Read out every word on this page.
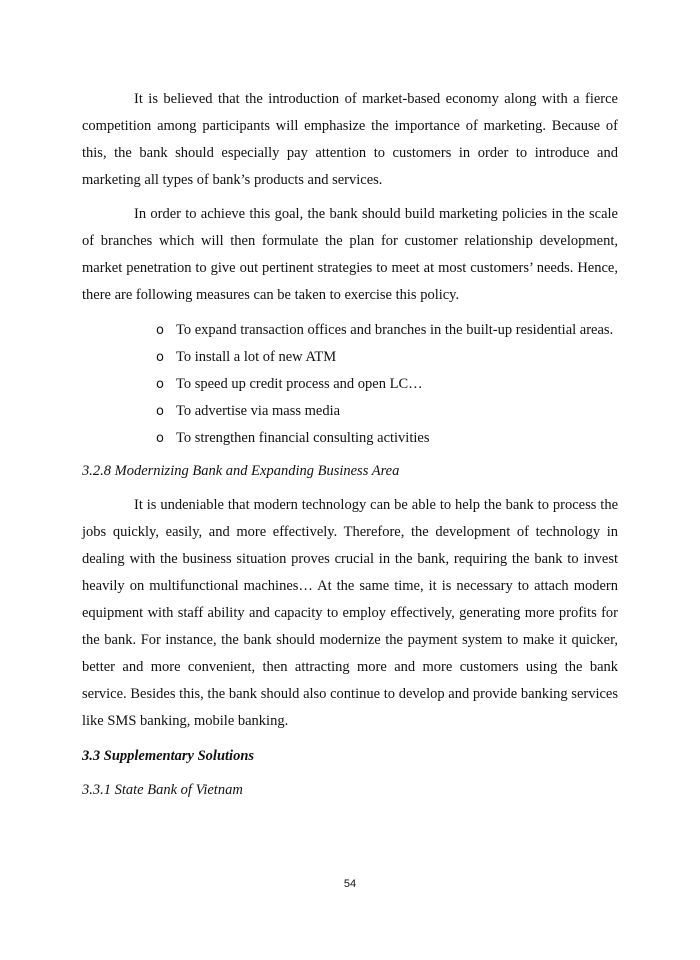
It is believed that the introduction of market-based economy along with a fierce competition among participants will emphasize the importance of marketing. Because of this, the bank should especially pay attention to customers in order to introduce and marketing all types of bank’s products and services.

In order to achieve this goal, the bank should build marketing policies in the scale of branches which will then formulate the plan for customer relationship development, market penetration to give out pertinent strategies to meet at most customers’ needs. Hence, there are following measures can be taken to exercise this policy.

o To expand transaction offices and branches in the built-up residential areas.
o To install a lot of new ATM
o To speed up credit process and open LC…
o To advertise via mass media
o To strengthen financial consulting activities
3.2.8 Modernizing Bank and Expanding Business Area

It is undeniable that modern technology can be able to help the bank to process the jobs quickly, easily, and more effectively. Therefore, the development of technology in dealing with the business situation proves crucial in the bank, requiring the bank to invest heavily on multifunctional machines… At the same time, it is necessary to attach modern equipment with staff ability and capacity to employ effectively, generating more profits for the bank. For instance, the bank should modernize the payment system to make it quicker, better and more convenient, then attracting more and more customers using the bank service. Besides this, the bank should also continue to develop and provide banking services like SMS banking, mobile banking.

3.3 Supplementary Solutions
3.3.1 State Bank of Vietnam
54
